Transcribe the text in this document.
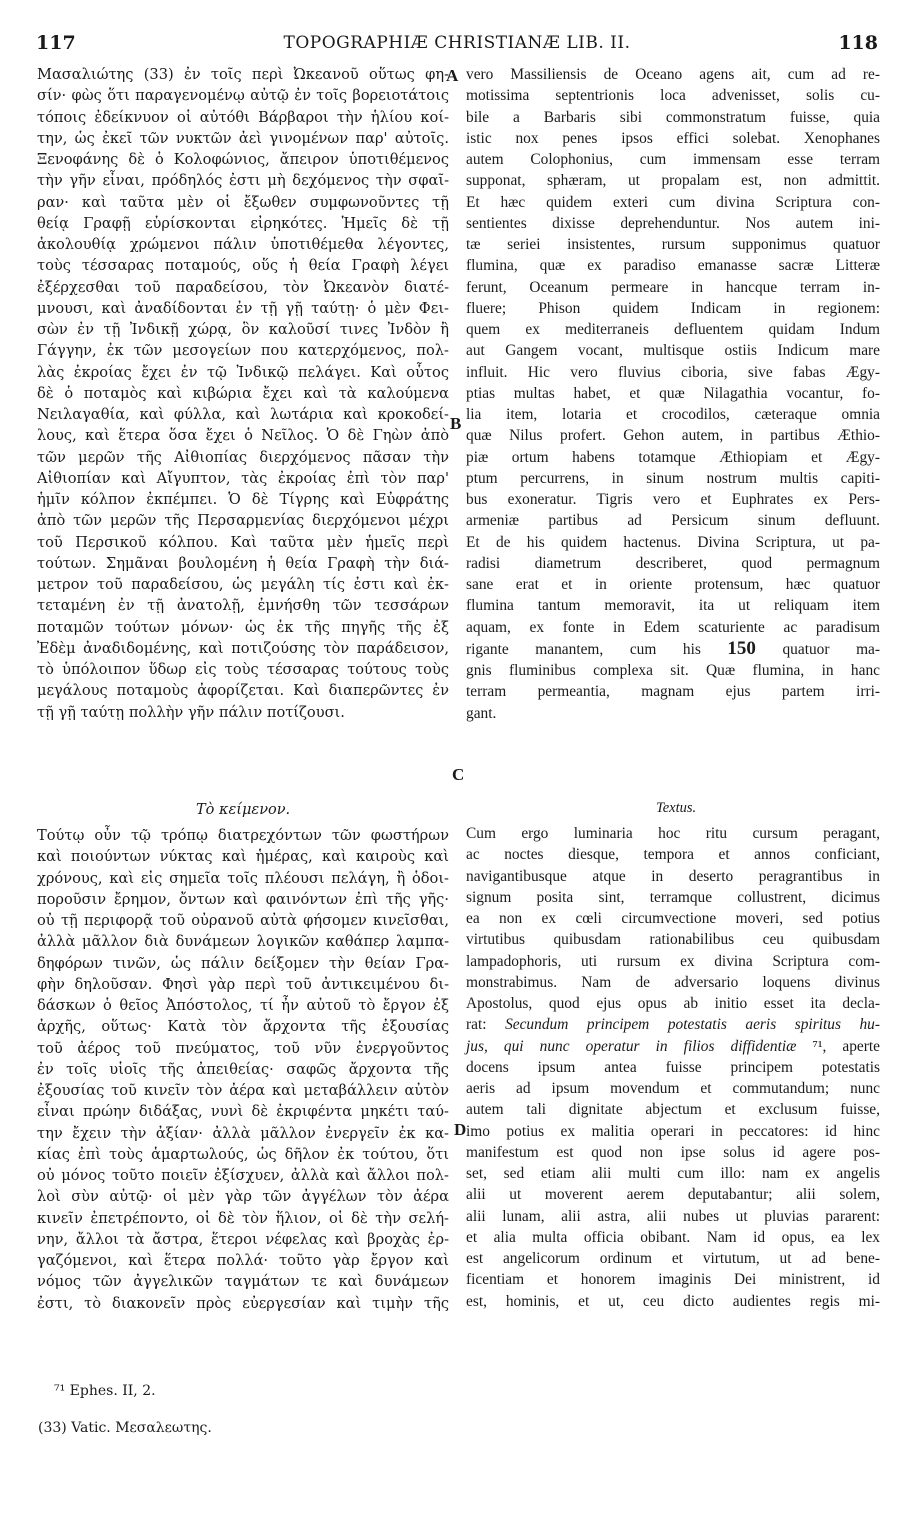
117	TOPOGRAPHIÆ CHRISTIANÆ LIB. II.	118
Μασαλιώτης (33) ἐν τοῖς περὶ Ὠκεανοῦ οὕτως φη-
σίν· φὼς ὅτι παραγενομένῳ αὐτῷ ἐν τοῖς βορειοτάτοις
τόποις ἐδείκνυον οἱ αὐτόθι Βάρβαροι τὴν ἡλίου κοί-
την, ὡς ἐκεῖ τῶν νυκτῶν ἀεὶ γινομένων παρ' αὐτοῖς.
Ξενοφάνης δὲ ὁ Κολοφώνιος, ἄπειρον ὑποτιθέμενος
τὴν γῆν εἶναι, πρόδηλός ἐστι μὴ δεχόμενος τὴν σφαῖ-
ραν· καὶ ταῦτα μὲν οἱ ἔξωθεν συμφωνοῦντες τῇ
θείᾳ Γραφῇ εὑρίσκονται εἰρηκότες. Ἡμεῖς δὲ τῇ
ἀκολουθίᾳ χρώμενοι πάλιν ὑποτιθέμεθα λέγοντες,
τοὺς τέσσαρας ποταμούς, οὕς ἡ θεία Γραφὴ λέγει
ἐξέρχεσθαι τοῦ παραδείσου, τὸν Ὠκεανὸν διατέ-
μνουσι, καὶ ἀναδίδονται ἐν τῇ γῇ ταύτῃ· ὁ μὲν Φει-
σὼν ἐν τῇ Ἰνδικῇ χώρᾳ, ὃν καλοῦσί τινες Ἰνδὸν ἢ
Γάγγην, ἐκ τῶν μεσογείων που κατερχόμενος, πολ-
λὰς ἐκροίας ἔχει ἐν τῷ Ἰνδικῷ πελάγει. Καὶ οὗτος
δὲ ὁ ποταμὸς καὶ κιβώρια ἔχει καὶ τὰ καλούμενα
Νειλαγαθία, καὶ φύλλα, καὶ λωτάρια καὶ κροκοδεί-
λους, καὶ ἕτερα ὅσα ἔχει ὁ Νεῖλος. Ὁ δὲ Γηὼν ἀπὸ
τῶν μερῶν τῆς Αἰθιοπίας διερχόμενος πᾶσαν τὴν
Αἰθιοπίαν καὶ Αἴγυπτον, τὰς ἐκροίας ἐπὶ τὸν παρ'
ἡμῖν κόλπον ἐκπέμπει. Ὁ δὲ Τίγρης καὶ Εὐφράτης
ἀπὸ τῶν μερῶν τῆς Περσαρμενίας διερχόμενοι μέχρι
τοῦ Περσικοῦ κόλπου. Καὶ ταῦτα μὲν ἡμεῖς περὶ
τούτων. Σημᾶναι βουλομένη ἡ θεία Γραφὴ τὴν διά-
μετρον τοῦ παραδείσου, ὡς μεγάλη τίς ἐστι καὶ ἐκ-
τεταμένη ἐν τῇ ἀνατολῇ, ἐμνήσθη τῶν τεσσάρων
ποταμῶν τούτων μόνων· ὡς ἐκ τῆς πηγῆς τῆς ἐξ
Ἐδὲμ ἀναδιδομένης, καὶ ποτιζούσης τὸν παράδεισον,
τὸ ὑπόλοιπον ὕδωρ εἰς τοὺς τέσσαρας τούτους τοὺς
μεγάλους ποταμοὺς ἀφορίζεται. Καὶ διαπερῶντες ἐν
τῇ γῇ ταύτῃ πολλὴν γῆν πάλιν ποτίζουσι.
Τὸ κείμενον.
Τούτῳ οὖν τῷ τρόπῳ διατρεχόντων τῶν φωστήρων
καὶ ποιούντων νύκτας καὶ ἡμέρας, καὶ καιροὺς καὶ
χρόνους, καὶ εἰς σημεῖα τοῖς πλέουσι πελάγη, ἢ ὁδοι-
ποροῦσιν ἔρημον, ὄντων καὶ φαινόντων ἐπὶ τῆς γῆς·
οὐ τῇ περιφορᾷ τοῦ οὐρανοῦ αὐτὰ φήσομεν κινεῖσθαι,
ἀλλὰ μᾶλλον διὰ δυνάμεων λογικῶν καθάπερ λαμπα-
δηφόρων τινῶν, ὡς πάλιν δείξομεν τὴν θείαν Γρα-
φὴν δηλοῦσαν. Φησὶ γὰρ περὶ τοῦ ἀντικειμένου δι-
δάσκων ὁ θεῖος Ἀπόστολος, τί ἦν αὐτοῦ τὸ ἔργον ἐξ
ἀρχῆς, οὕτως· Κατὰ τὸν ἄρχοντα τῆς ἐξουσίας
τοῦ ἀέρος τοῦ πνεύματος, τοῦ νῦν ἐνεργοῦντος
ἐν τοῖς υἱοῖς τῆς ἀπειθείας· σαφῶς ἄρχοντα τῆς
ἐξουσίας τοῦ κινεῖν τὸν ἀέρα καὶ μεταβάλλειν αὐτὸν
εἶναι πρώην διδάξας, νυνὶ δὲ ἐκριφέντα μηκέτι ταύ-
την ἔχειν τὴν ἀξίαν· ἀλλὰ μᾶλλον ἐνεργεῖν ἐκ κα-
κίας ἐπὶ τοὺς ἁμαρτωλούς, ὡς δῆλον ἐκ τούτου, ὅτι
οὐ μόνος τοῦτο ποιεῖν ἐξίσχυεν, ἀλλὰ καὶ ἄλλοι πολ-
λοὶ σὺν αὐτῷ· οἱ μὲν γὰρ τῶν ἀγγέλων τὸν ἀέρα
κινεῖν ἐπετρέποντο, οἱ δὲ τὸν ἥλιον, οἱ δὲ τὴν σελή-
νην, ἄλλοι τὰ ἄστρα, ἕτεροι νέφελας καὶ βροχὰς ἐρ-
γαζόμενοι, καὶ ἕτερα πολλά· τοῦτο γὰρ ἔργον καὶ
νόμος τῶν ἀγγελικῶν ταγμάτων τε καὶ δυνάμεων
ἐστι, τὸ διακονεῖν πρὸς εὐεργεσίαν καὶ τιμὴν τῆς
A
B
C
D
vero Massiliensis de Oceano agens ait, cum ad re-
motissima septentrionis loca advenisset, solis cu-
bile a Barbaris sibi commonstratum fuisse, quia
istic nox penes ipsos effici solebat. Xenophanes
autem Colophonius, cum immensam esse terram
supponat, sphæram, ut propalam est, non admittit.
Et hæc quidem exteri cum divina Scriptura con-
sentientes dixisse deprehenduntur. Nos autem ini-
tæ seriei insistentes, rursum supponimus quatuor
flumina, quæ ex paradiso emanasse sacræ Litteræ
ferunt, Oceanum permeare in hancque terram in-
fluere; Phison quidem Indicam in regionem:
quem ex mediterraneis defluentem quidam Indum
aut Gangem vocant, multisque ostiis Indicum mare
influit. Hic vero fluvius ciboria, sive fabas Ægy-
ptias multas habet, et quæ Nilagathia vocantur, fo-
lia item, lotaria et crocodilos, cæteraque omnia
quæ Nilus profert. Gehon autem, in partibus Æthio-
piæ ortum habens totamque Æthiopiam et Ægy-
ptum percurrens, in sinum nostrum multis capiti-
bus exoneratur. Tigris vero et Euphrates ex Pers-
armeniæ partibus ad Persicum sinum defluunt.
Et de his quidem hactenus. Divina Scriptura, ut pa-
radisi diametrum describeret, quod permagnum
sane erat et in oriente protensum, hæc quatuor
flumina tantum memoravit, ita ut reliquam item
aquam, ex fonte in Edem scaturiente ac paradisum
rigante manantem, cum his 150 quatuor ma-
gnis fluminibus complexa sit. Quæ flumina, in hanc
terram permeantia, magnam ejus partem irri-
gant.
Textus.
Cum ergo luminaria hoc ritu cursum peragant,
ac noctes diesque, tempora et annos conficiant,
navigantibusque atque in deserto peragrantibus in
signum posita sint, terramque collustrent, dicimus
ea non ex cœli circumvectione moveri, sed potius
virtutibus quibusdam rationabilibus ceu quibusdam
lampadophoris, uti rursum ex divina Scriptura com-
monstrabimus. Nam de adversario loquens divinus
Apostolus, quod ejus opus ab initio esset ita decla-
rat: Secundum principem potestatis aeris spiritus hu-
jus, qui nunc operatur in filios diffidentiæ ⁷¹, aperte
docens ipsum antea fuisse principem potestatis
aeris ad ipsum movendum et commutandum; nunc
autem tali dignitate abjectum et exclusum fuisse,
imo potius ex malitia operari in peccatores: id hinc
manifestum est quod non ipse solus id agere pos-
set, sed etiam alii multi cum illo: nam ex angelis
alii ut moverent aerem deputabantur; alii solem,
alii lunam, alii astra, alii nubes ut pluvias pararent:
et alia multa officia obibant. Nam id opus, ea lex
est angelicorum ordinum et virtutum, ut ad bene-
ficentiam et honorem imaginis Dei ministrent, id
est, hominis, et ut, ceu dicto audientes regis mi-
⁷¹ Ephes. II, 2.
(33) Vatic. Μεσαλεωτης.
